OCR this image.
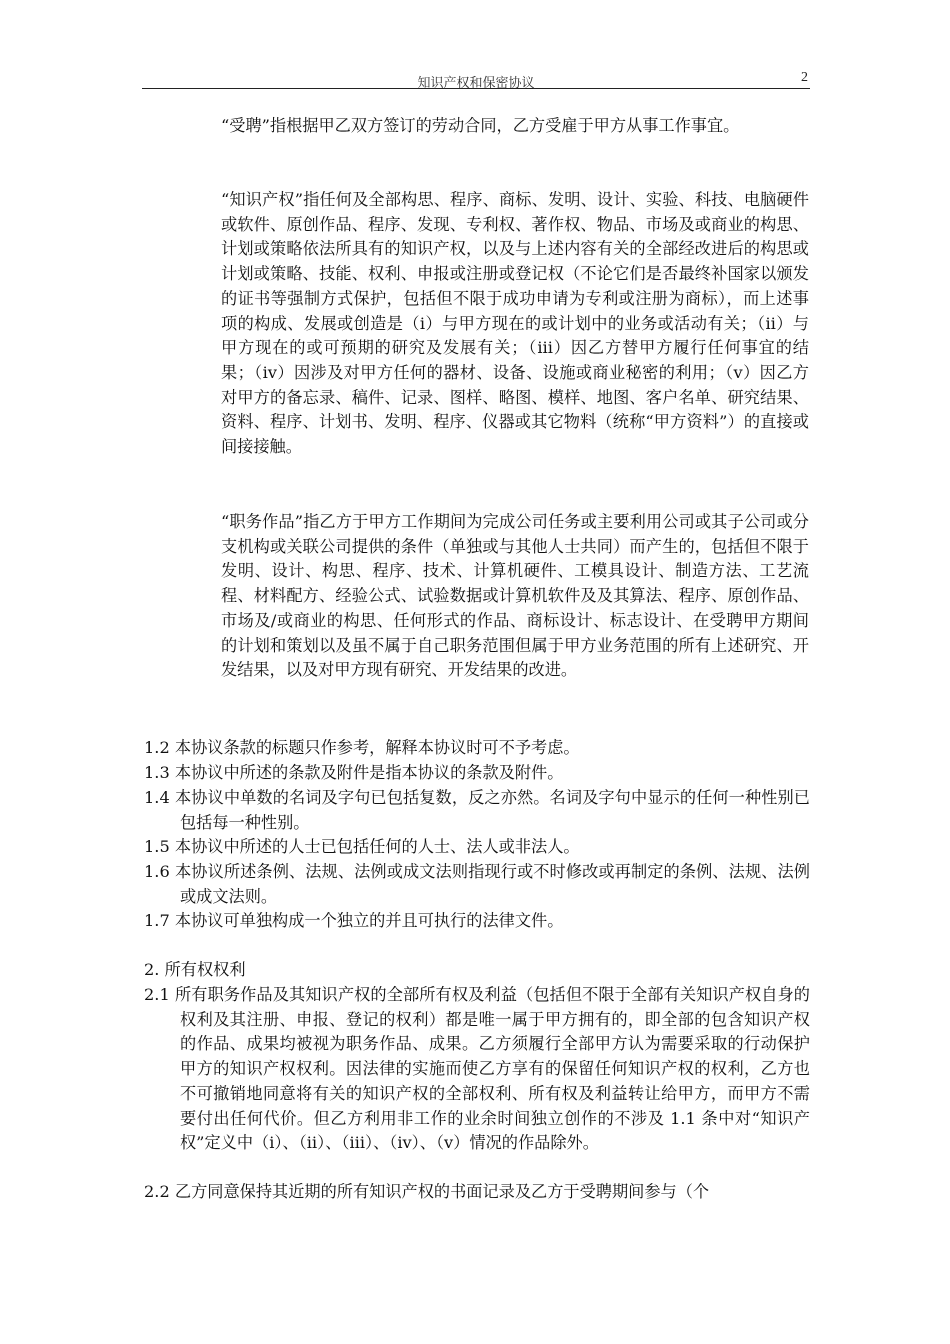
知识产权和保密协议	2

“受聘”指根据甲乙双方签订的劳动合同，乙方受雇于甲方从事工作事宜。

“知识产权”指任何及全部构思、程序、商标、发明、设计、实验、科技、电脑硬件或软件、原创作品、程序、发现、专利权、著作权、物品、市场及或商业的构思、计划或策略依法所具有的知识产权，以及与上述内容有关的全部经改进后的构思或计划或策略、技能、权利、申报或注册或登记权（不论它们是否最终补国家以颁发的证书等强制方式保护，包括但不限于成功申请为专利或注册为商标），而上述事项的构成、发展或创造是（ⅰ）与甲方现在的或计划中的业务或活动有关；（ⅱ）与甲方现在的或可预期的研究及发展有关；（ⅲ）因乙方替甲方履行任何事宜的结果；（ⅳ）因涉及对甲方任何的器材、设备、设施或商业秘密的利用；（ⅴ）因乙方对甲方的备忘录、稿件、记录、图样、略图、模样、地图、客户名单、研究结果、资料、程序、计划书、发明、程序、仪器或其它物料（统称“甲方资料”）的直接或间接接触。

“职务作品”指乙方于甲方工作期间为完成公司任务或主要利用公司或其子公司或分支机构或关联公司提供的条件（单独或与其他人士共同）而产生的，包括但不限于发明、设计、构思、程序、技术、计算机硬件、工模具设计、制造方法、工艺流程、材料配方、经验公式、试验数据或计算机软件及及其算法、程序、原创作品、市场及/或商业的构思、任何形式的作品、商标设计、标志设计、在受聘甲方期间的计划和策划以及虽不属于自己职务范围但属于甲方业务范围的所有上述研究、开发结果，以及对甲方现有研究、开发结果的改进。

1.2 本协议条款的标题只作参考，解释本协议时可不予考虑。

1.3 本协议中所述的条款及附件是指本协议的条款及附件。

1.4 本协议中单数的名词及字句已包括复数，反之亦然。名词及字句中显示的任何一种性别已包括每一种性别。

1.5 本协议中所述的人士已包括任何的人士、法人或非法人。

1.6 本协议所述条例、法规、法例或成文法则指现行或不时修改或再制定的条例、法规、法例或成文法则。

1.7 本协议可单独构成一个独立的并且可执行的法律文件。

2. 所有权权利

2.1 所有职务作品及其知识产权的全部所有权及利益（包括但不限于全部有关知识产权自身的权利及其注册、申报、登记的权利）都是唯一属于甲方拥有的，即全部的包含知识产权的作品、成果均被视为职务作品、成果。乙方须履行全部甲方认为需要采取的行动保护甲方的知识产权权利。因法律的实施而使乙方享有的保留任何知识产权的权利，乙方也不可撤销地同意将有关的知识产权的全部权利、所有权及利益转让给甲方，而甲方不需要付出任何代价。但乙方利用非工作的业余时间独立创作的不涉及 1.1 条中对“知识产权”定义中（ⅰ）、（ⅱ）、（ⅲ）、（ⅳ）、（ⅴ）情况的作品除外。

2.2 乙方同意保持其近期的所有知识产权的书面记录及乙方于受聘期间参与（个
